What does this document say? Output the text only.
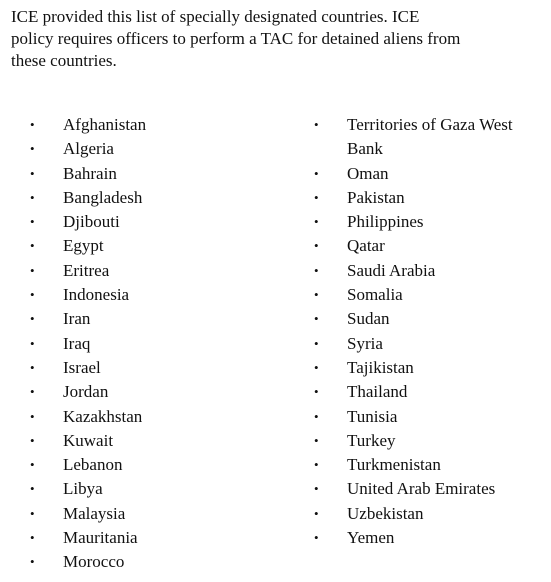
ICE provided this list of specially designated countries. ICE
policy requires officers to perform a TAC for detained aliens from
these countries.

• Afghanistan
• Algeria
• Bahrain
• Bangladesh
• Djibouti
• Egypt
• Eritrea
• Indonesia
• Iran
• Iraq
• Israel
• Jordan
• Kazakhstan
• Kuwait
• Lebanon
• Libya
• Malaysia
• Mauritania
• Morocco
• Territories of Gaza West
Bank
• Oman
• Pakistan
• Philippines
• Qatar
• Saudi Arabia
• Somalia
• Sudan
• Syria
• Tajikistan
• Thailand
• Tunisia
• Turkey
• Turkmenistan
• United Arab Emirates
• Uzbekistan
• Yemen
